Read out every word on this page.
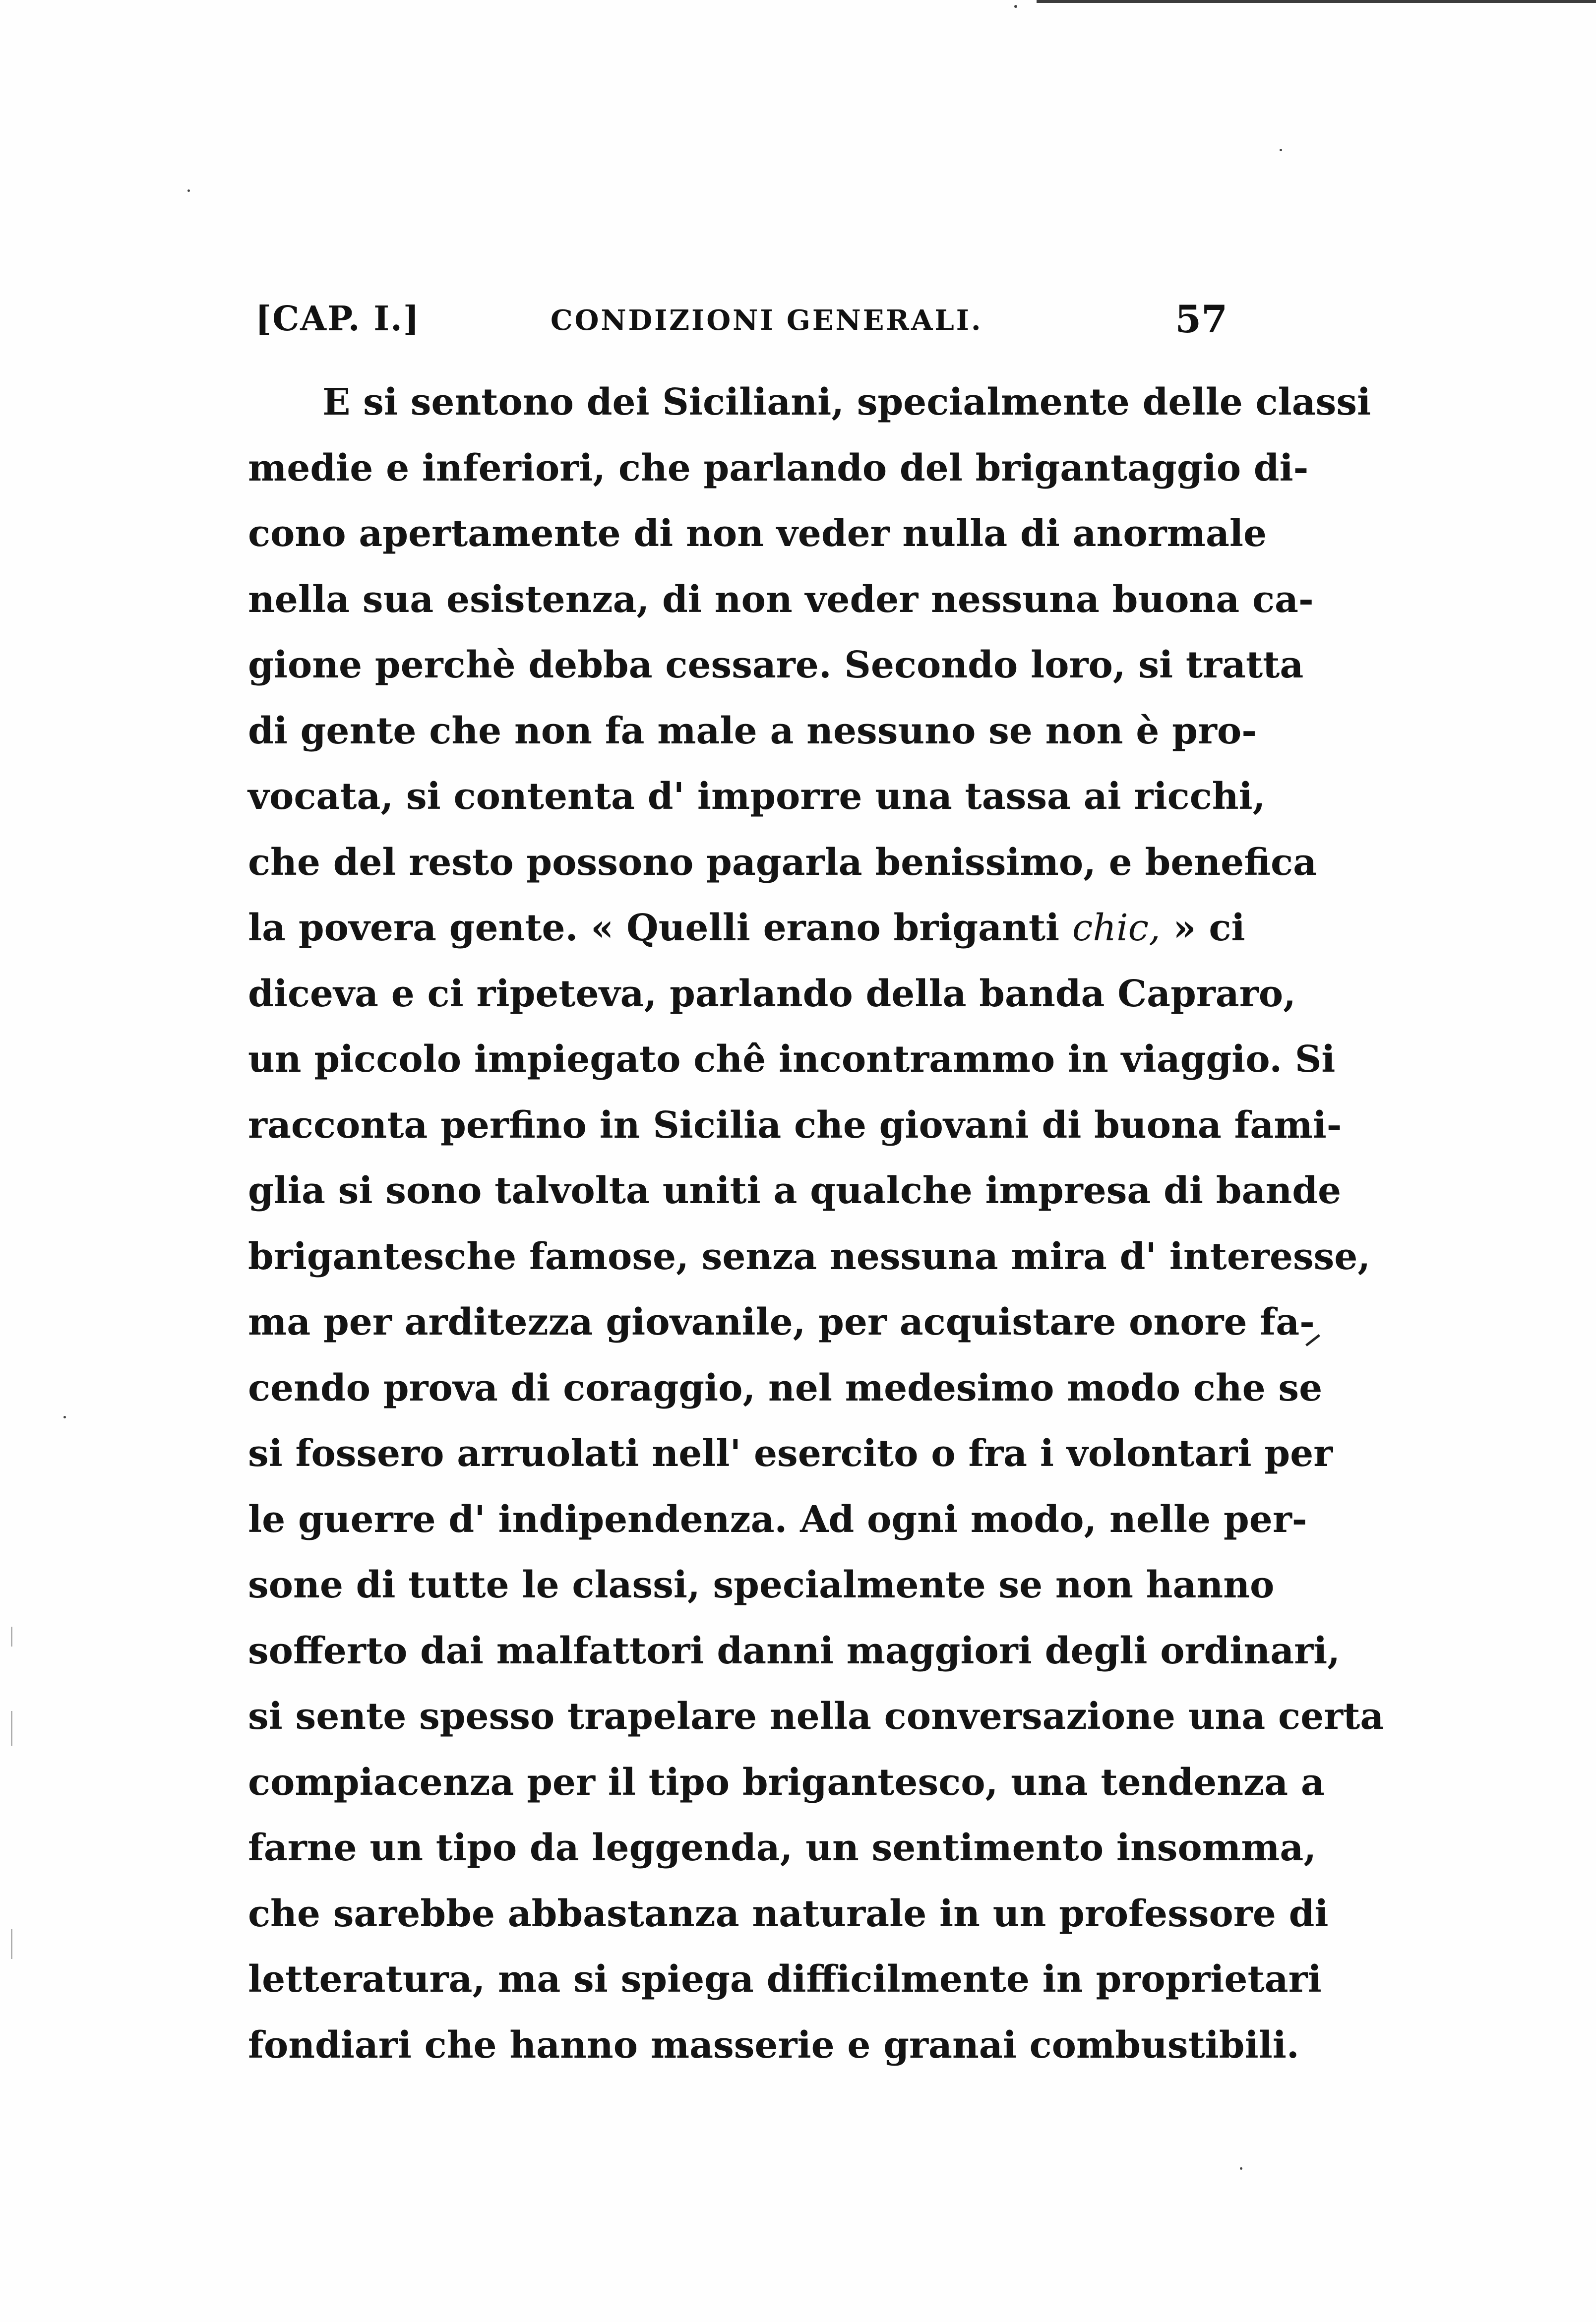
[CAP. I.]	CONDIZIONI GENERALI.	57
E si sentono dei Siciliani, specialmente delle classi
medie e inferiori, che parlando del brigantaggio di-
cono apertamente di non veder nulla di anormale
nella sua esistenza, di non veder nessuna buona ca-
gione perchè debba cessare. Secondo loro, si tratta
di gente che non fa male a nessuno se non è pro-
vocata, si contenta d' imporre una tassa ai ricchi,
che del resto possono pagarla benissimo, e benefica
la povera gente. « Quelli erano briganti chic, » ci
diceva e ci ripeteva, parlando della banda Capraro,
un piccolo impiegato chê incontrammo in viaggio. Si
racconta perfino in Sicilia che giovani di buona fami-
glia si sono talvolta uniti a qualche impresa di bande
brigantesche famose, senza nessuna mira d' interesse,
ma per arditezza giovanile, per acquistare onore fa-
cendo prova di coraggio, nel medesimo modo che se
si fossero arruolati nell' esercito o fra i volontari per
le guerre d' indipendenza. Ad ogni modo, nelle per-
sone di tutte le classi, specialmente se non hanno
sofferto dai malfattori danni maggiori degli ordinari,
si sente spesso trapelare nella conversazione una certa
compiacenza per il tipo brigantesco, una tendenza a
farne un tipo da leggenda, un sentimento insomma,
che sarebbe abbastanza naturale in un professore di
letteratura, ma si spiega difficilmente in proprietari
fondiari che hanno masserie e granai combustibili.
